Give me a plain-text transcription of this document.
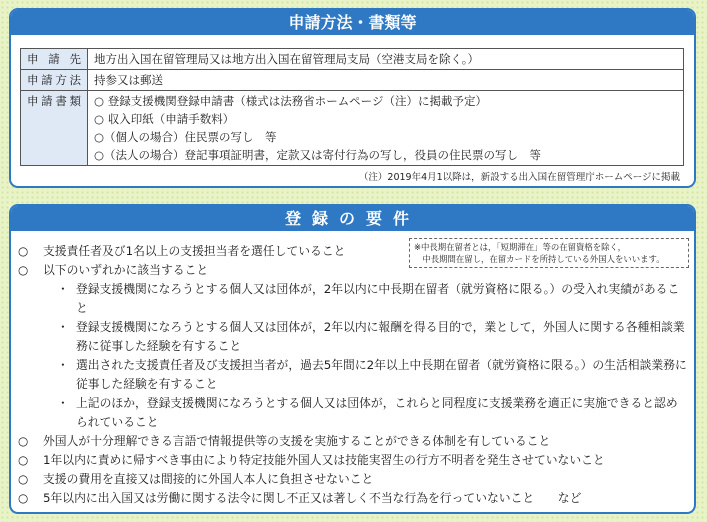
申請方法・書類等
申請先	地方出入国在留管理局又は地方出入国在留管理局支局（空港支局を除く。）
申請方法	持参又は郵送
申請書類	○ 登録支援機関登録申請書（様式は法務省ホームページ（注）に掲載予定）
○ 収入印紙（申請手数料）
○（個人の場合）住民票の写し　等
○（法人の場合）登記事項証明書，定款又は寄付行為の写し，役員の住民票の写し　等
（注）2019年4月1以降は，新設する出入国在留管理庁ホームページに掲載
登録の要件
※中長期在留者とは，「短期滞在」等の在留資格を除く，
　中長期間在留し，在留カードを所持している外国人をいいます。
○ 支援責任者及び1名以上の支援担当者を選任していること
○ 以下のいずれかに該当すること
・ 登録支援機関になろうとする個人又は団体が，2年以内に中長期在留者（就労資格に限る。）の受入れ実績があること
・ 登録支援機関になろうとする個人又は団体が，2年以内に報酬を得る目的で，業として，外国人に関する各種相談業務に従事した経験を有すること
・ 選出された支援責任者及び支援担当者が，過去5年間に2年以上中長期在留者（就労資格に限る。）の生活相談業務に従事した経験を有すること
・ 上記のほか，登録支援機関になろうとする個人又は団体が，これらと同程度に支援業務を適正に実施できると認められていること
○ 外国人が十分理解できる言語で情報提供等の支援を実施することができる体制を有していること
○ 1年以内に責めに帰すべき事由により特定技能外国人又は技能実習生の行方不明者を発生させていないこと
○ 支援の費用を直接又は間接的に外国人本人に負担させないこと
○ 5年以内に出入国又は労働に関する法令に関し不正又は著しく不当な行為を行っていないこと　　など
